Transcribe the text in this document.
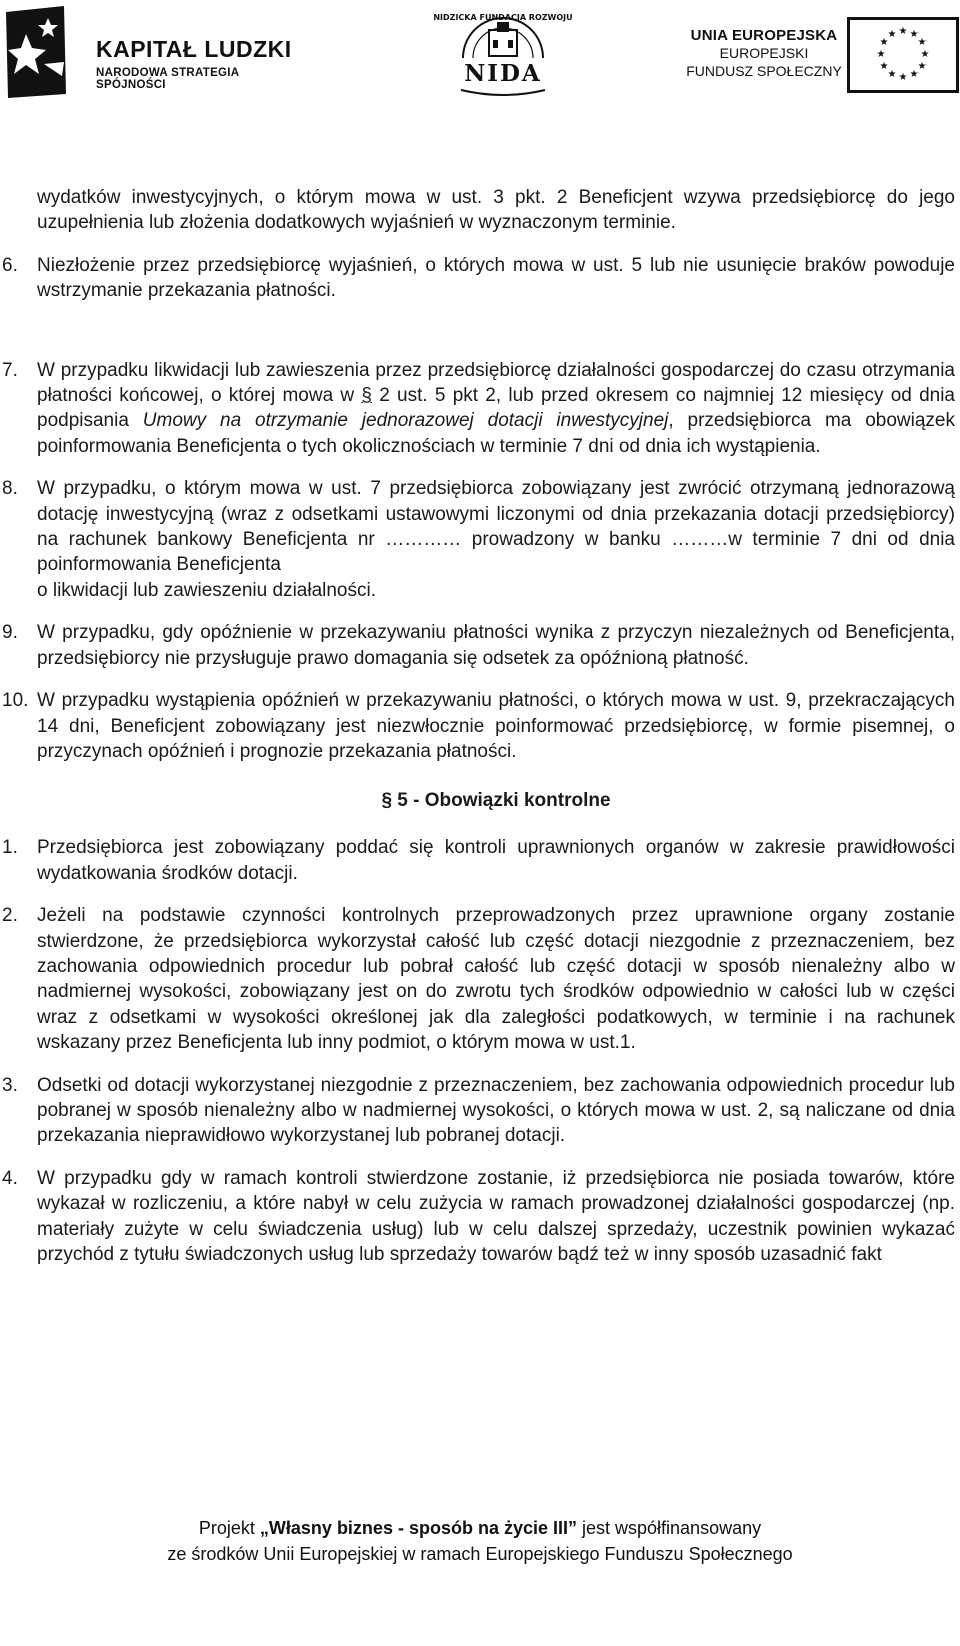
KAPITAŁ LUDZKI
NARODOWA STRATEGIA SPÓJNOŚCI
NIDZICKA FUNDACJA ROZWOJU
NIDA
UNIA EUROPEJSKA
EUROPEJSKI
FUNDUSZ SPOŁECZNY
★ ★
★
★
★
★
★
★
★
★
★
★

wydatków inwestycyjnych, o którym mowa w ust. 3 pkt. 2 Beneficjent wzywa przedsiębiorcę do jego uzupełnienia lub złożenia dodatkowych wyjaśnień w wyznaczonym terminie.

6. Niezłożenie przez przedsiębiorcę wyjaśnień, o których mowa w ust. 5 lub nie usunięcie braków powoduje wstrzymanie przekazania płatności.
7. W przypadku likwidacji lub zawieszenia przez przedsiębiorcę działalności gospodarczej do czasu otrzymania płatności końcowej, o której mowa w § 2 ust. 5 pkt 2, lub przed okresem co najmniej 12 miesięcy od dnia podpisania Umowy na otrzymanie jednorazowej dotacji inwestycyjnej, przedsiębiorca ma obowiązek poinformowania Beneficjenta o tych okolicznościach w terminie 7 dni od dnia ich wystąpienia.
8. W przypadku, o którym mowa w ust. 7 przedsiębiorca zobowiązany jest zwrócić otrzymaną jednorazową dotację inwestycyjną (wraz z odsetkami ustawowymi liczonymi od dnia przekazania dotacji przedsiębiorcy) na rachunek bankowy Beneficjenta nr ………… prowadzony w banku ………w terminie 7 dni od dnia poinformowania Beneficjenta
o likwidacji lub zawieszeniu działalności.
9. W przypadku, gdy opóźnienie w przekazywaniu płatności wynika z przyczyn niezależnych od Beneficjenta, przedsiębiorcy nie przysługuje prawo domagania się odsetek za opóźnioną płatność.
10. W przypadku wystąpienia opóźnień w przekazywaniu płatności, o których mowa w ust. 9, przekraczających 14 dni, Beneficjent zobowiązany jest niezwłocznie poinformować przedsiębiorcę, w formie pisemnej, o przyczynach opóźnień i prognozie przekazania płatności.

§ 5 - Obowiązki kontrolne

1. Przedsiębiorca jest zobowiązany poddać się kontroli uprawnionych organów w zakresie prawidłowości wydatkowania środków dotacji.
2. Jeżeli na podstawie czynności kontrolnych przeprowadzonych przez uprawnione organy zostanie stwierdzone, że przedsiębiorca wykorzystał całość lub część dotacji niezgodnie z przeznaczeniem, bez zachowania odpowiednich procedur lub pobrał całość lub część dotacji w sposób nienależny albo w nadmiernej wysokości, zobowiązany jest on do zwrotu tych środków odpowiednio w całości lub w części wraz z odsetkami w wysokości określonej jak dla zaległości podatkowych, w terminie i na rachunek wskazany przez Beneficjenta lub inny podmiot, o którym mowa w ust.1.
3. Odsetki od dotacji wykorzystanej niezgodnie z przeznaczeniem, bez zachowania odpowiednich procedur lub pobranej w sposób nienależny albo w nadmiernej wysokości, o których mowa w ust. 2, są naliczane od dnia przekazania nieprawidłowo wykorzystanej lub pobranej dotacji.
4. W przypadku gdy w ramach kontroli stwierdzone zostanie, iż przedsiębiorca nie posiada towarów, które wykazał w rozliczeniu, a które nabył w celu zużycia w ramach prowadzonej działalności gospodarczej (np. materiały zużyte w celu świadczenia usług) lub w celu dalszej sprzedaży, uczestnik powinien wykazać przychód z tytułu świadczonych usług lub sprzedaży towarów bądź też w inny sposób uzasadnić fakt
Projekt „Własny biznes - sposób na życie III” jest współfinansowany
ze środków Unii Europejskiej w ramach Europejskiego Funduszu Społecznego
